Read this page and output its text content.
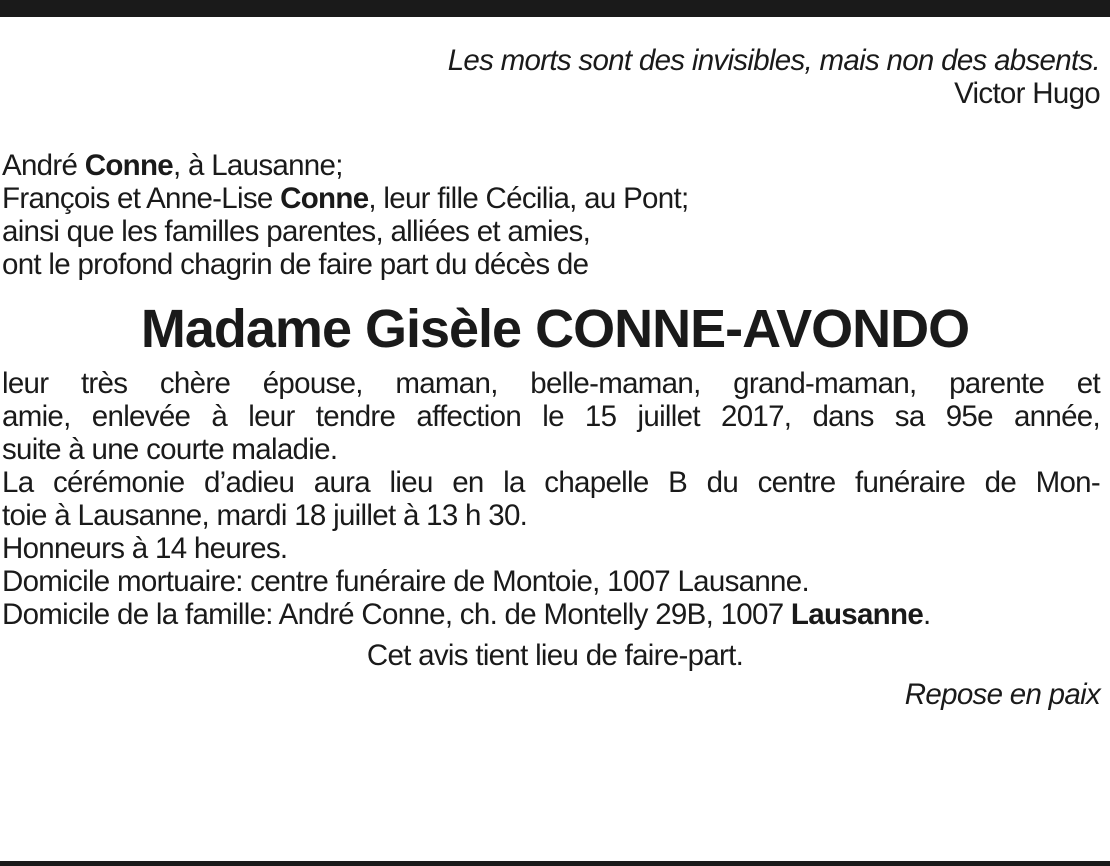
Les morts sont des invisibles, mais non des absents.
Victor Hugo
André Conne, à Lausanne;
François et Anne-Lise Conne, leur fille Cécilia, au Pont;
ainsi que les familles parentes, alliées et amies,
ont le profond chagrin de faire part du décès de
Madame Gisèle CONNE-AVONDO
leur très chère épouse, maman, belle-maman, grand-maman, parente et
amie, enlevée à leur tendre affection le 15 juillet 2017, dans sa 95e année,
suite à une courte maladie.
La cérémonie d’adieu aura lieu en la chapelle B du centre funéraire de Mon-
toie à Lausanne, mardi 18 juillet à 13 h 30.
Honneurs à 14 heures.
Domicile mortuaire: centre funéraire de Montoie, 1007 Lausanne.
Domicile de la famille: André Conne, ch. de Montelly 29B, 1007 Lausanne.
Cet avis tient lieu de faire-part.
Repose en paix
